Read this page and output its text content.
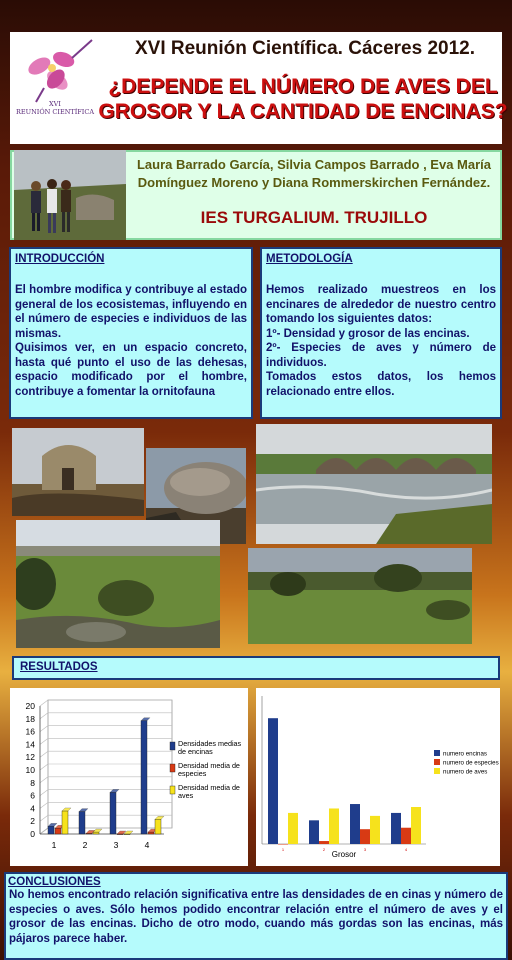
XVI
REUNIÓN CIENTÍFICA
XVI Reunión Científica. Cáceres 2012.
¿DEPENDE EL NÚMERO DE AVES DEL
GROSOR Y LA CANTIDAD DE ENCINAS?
Laura Barrado García, Silvia Campos Barrado , Eva María
Domínguez Moreno y Diana Rommerskirchen Fernández.
IES TURGALIUM. TRUJILLO
INTRODUCCIÓN

El hombre modifica y contribuye al estado general de los ecosistemas, influyendo en el número de especies e individuos de las mismas.

Quisimos ver, en un espacio concreto, hasta qué punto el uso de las dehesas, espacio modificado por el hombre, contribuye a fomentar la ornitofauna

METODOLOGÍA

Hemos realizado muestreos en los encinares de alrededor de nuestro centro tomando los siguientes datos:

1º- Densidad y grosor de las encinas.

2º- Especies de aves y número de individuos.

Tomados estos datos, los hemos relacionado entre ellos.

RESULTADOS
0
2
4
6
8
10
12
14
16
18
20
1	2	3	4
Densidades medias de encinas
Densidad media de especies
Densidad media de aves
1	2	3	4
Grosor
numero encinas
numero de especies
numero de aves
CONCLUSIONES
No hemos encontrado relación significativa entre las densidades de en cinas y número de especies o aves. Sólo hemos podido encontrar relación entre el número de aves y el grosor de las encinas. Dicho de otro modo, cuando más gordas son las encinas, más pájaros parece haber.
